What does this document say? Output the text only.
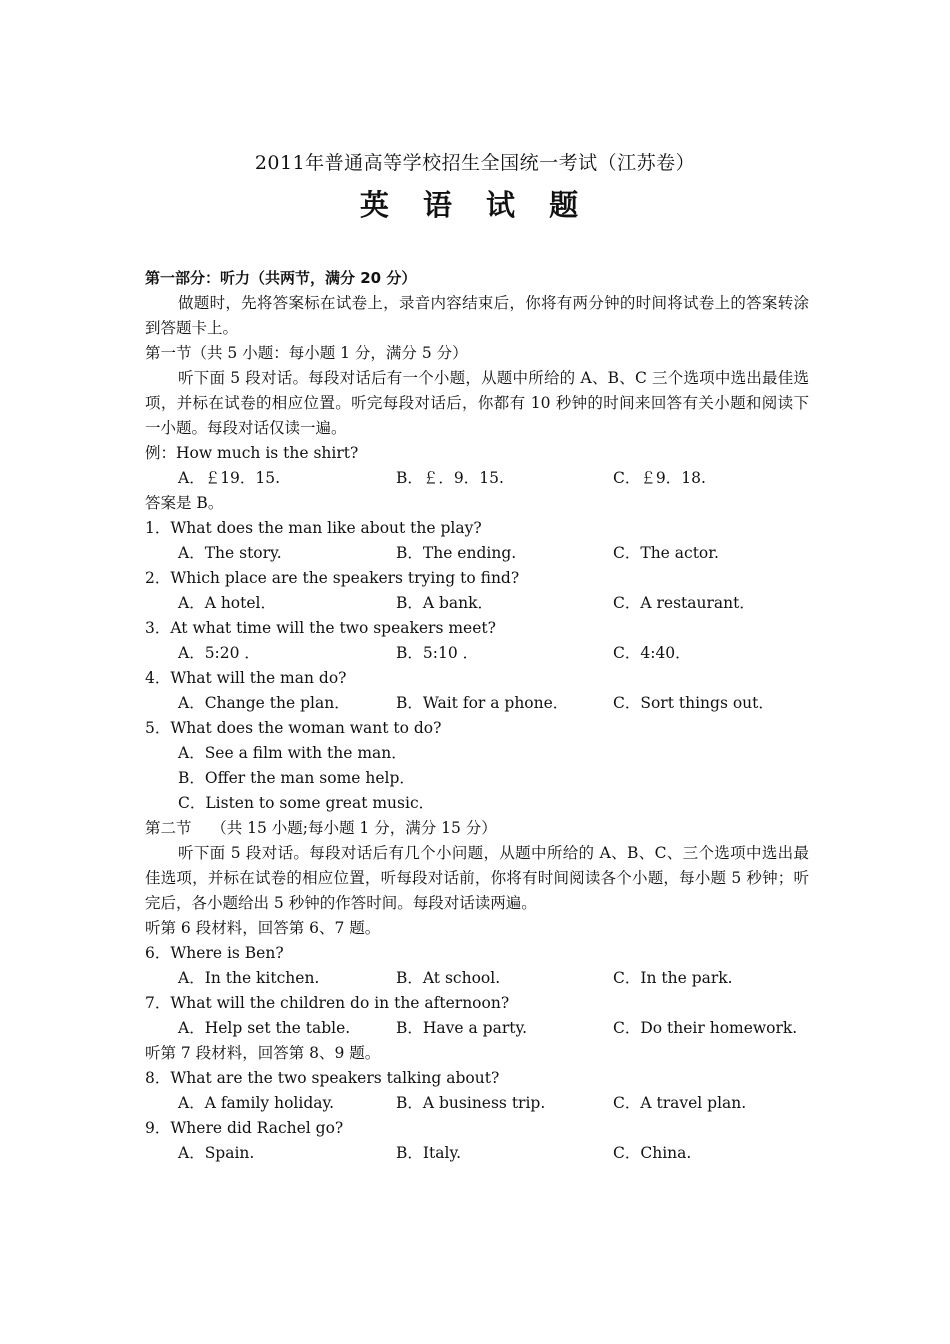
2011年普通高等学校招生全国统一考试（江苏卷）
英 语 试 题
第一部分：听力（共两节，满分 20 分）
做题时，先将答案标在试卷上，录音内容结束后，你将有两分钟的时间将试卷上的答案转涂到答题卡上。
第一节（共 5 小题：每小题 1 分，满分 5 分）
听下面 5 段对话。每段对话后有一个小题，从题中所给的 A、B、C 三个选项中选出最佳选项，并标在试卷的相应位置。听完每段对话后，你都有 10 秒钟的时间来回答有关小题和阅读下一小题。每段对话仅读一遍。
例：How much is the shirt?
A．￡19．15.	B．￡．9．15.	C．￡9．18.
答案是 B。
1．What does the man like about the play?
A．The story.	B．The ending.	C．The actor.
2．Which place are the speakers trying to find?
A．A hotel．	B．A bank．	C．A restaurant．
3．At what time will the two speakers meet?
A．5:20 ．	B．5:10 ．	C．4:40．
4．What will the man do?
A．Change the plan．	B．Wait for a phone．	C．Sort things out．
5．What does the woman want to do?
A．See a film with the man．
B．Offer the man some help．
C．Listen to some great music．
第二节    （共 15 小题;每小题 1 分，满分 15 分）
听下面 5 段对话。每段对话后有几个小问题，从题中所给的 A、B、C、三个选项中选出最佳选项，并标在试卷的相应位置，听每段对话前，你将有时间阅读各个小题，每小题 5 秒钟；听完后，各小题给出 5 秒钟的作答时间。每段对话读两遍。
听第 6 段材料，回答第 6、7 题。
6．Where is Ben?
A．In the kitchen.	B．At school.	C．In the park.
7．What will the children do in the afternoon?
A．Help set the table.	B．Have a party.	C．Do their homework.
听第 7 段材料，回答第 8、9 题。
8．What are the two speakers talking about?
A．A family holiday.	B．A business trip.	C．A travel plan.
9．Where did Rachel go?
A．Spain.	B．Italy.	C．China.
